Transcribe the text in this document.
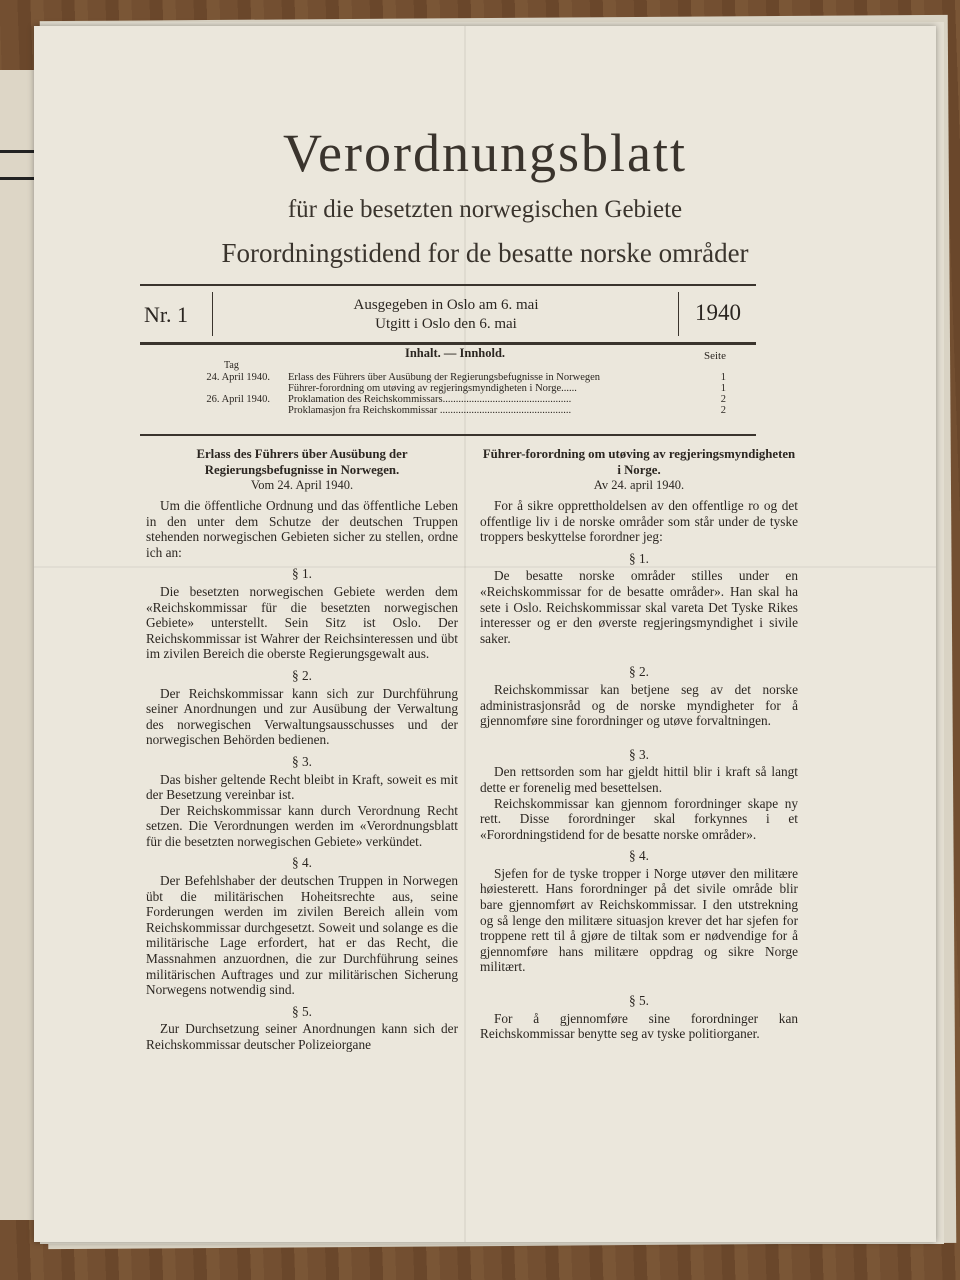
Verordnungsblatt
für die besetzten norwegischen Gebiete
Forordningstidend for de besatte norske områder
Nr. 1	Ausgegeben in Oslo am 6. mai
Utgitt i Oslo den 6. mai	1940
Inhalt. — Innhold.	Seite
Tag
24. April 1940. Erlass des Führers über Ausübung der Regierungsbefugnisse in Norwegen	1
Führer-forordning om utøving av regjeringsmyndigheten i Norge......	1
26. April 1940. Proklamation des Reichskommissars.................................................	2
Proklamasjon fra Reichskommissar ..................................................	2
Erlass des Führers über Ausübung der Regierungsbefugnisse in Norwegen.
Vom 24. April 1940.

Um die öffentliche Ordnung und das öffentliche Leben in den unter dem Schutze der deutschen Truppen stehenden norwegischen Gebieten sicher zu stellen, ordne ich an:

§ 1.

Die besetzten norwegischen Gebiete werden dem «Reichskommissar für die besetzten norwegischen Gebiete» unterstellt. Sein Sitz ist Oslo. Der Reichskommissar ist Wahrer der Reichsinteressen und übt im zivilen Bereich die oberste Regierungsgewalt aus.

§ 2.

Der Reichskommissar kann sich zur Durchführung seiner Anordnungen und zur Ausübung der Verwaltung des norwegischen Verwaltungsausschusses und der norwegischen Behörden bedienen.

§ 3.

Das bisher geltende Recht bleibt in Kraft, soweit es mit der Besetzung vereinbar ist.

Der Reichskommissar kann durch Verordnung Recht setzen. Die Verordnungen werden im «Verordnungsblatt für die besetzten norwegischen Gebiete» verkündet.

§ 4.

Der Befehlshaber der deutschen Truppen in Norwegen übt die militärischen Hoheitsrechte aus, seine Forderungen werden im zivilen Bereich allein vom Reichskommissar durchgesetzt. Soweit und solange es die militärische Lage erfordert, hat er das Recht, die Massnahmen anzuordnen, die zur Durchführung seines militärischen Auftrages und zur militärischen Sicherung Norwegens notwendig sind.

§ 5.

Zur Durchsetzung seiner Anordnungen kann sich der Reichskommissar deutscher Polizeiorgane

Führer-forordning om utøving av regjeringsmyndigheten i Norge.
Av 24. april 1940.

For å sikre opprettholdelsen av den offentlige ro og det offentlige liv i de norske områder som står under de tyske troppers beskyttelse forordner jeg:

§ 1.

De besatte norske områder stilles under en «Reichskommissar for de besatte områder». Han skal ha sete i Oslo. Reichskommissar skal vareta Det Tyske Rikes interesser og er den øverste regjeringsmyndighet i sivile saker.

§ 2.

Reichskommissar kan betjene seg av det norske administrasjonsråd og de norske myndigheter for å gjennomføre sine forordninger og utøve forvaltningen.

§ 3.

Den rettsorden som har gjeldt hittil blir i kraft så langt dette er forenelig med besettelsen.

Reichskommissar kan gjennom forordninger skape ny rett. Disse forordninger skal forkynnes i et «Forordningstidend for de besatte norske områder».

§ 4.

Sjefen for de tyske tropper i Norge utøver den militære høiesterett. Hans forordninger på det sivile område blir bare gjennomført av Reichskommissar. I den utstrekning og så lenge den militære situasjon krever det har sjefen for troppene rett til å gjøre de tiltak som er nødvendige for å gjennomføre hans militære oppdrag og sikre Norge militært.

§ 5.

For å gjennomføre sine forordninger kan Reichskommissar benytte seg av tyske politiorganer.
